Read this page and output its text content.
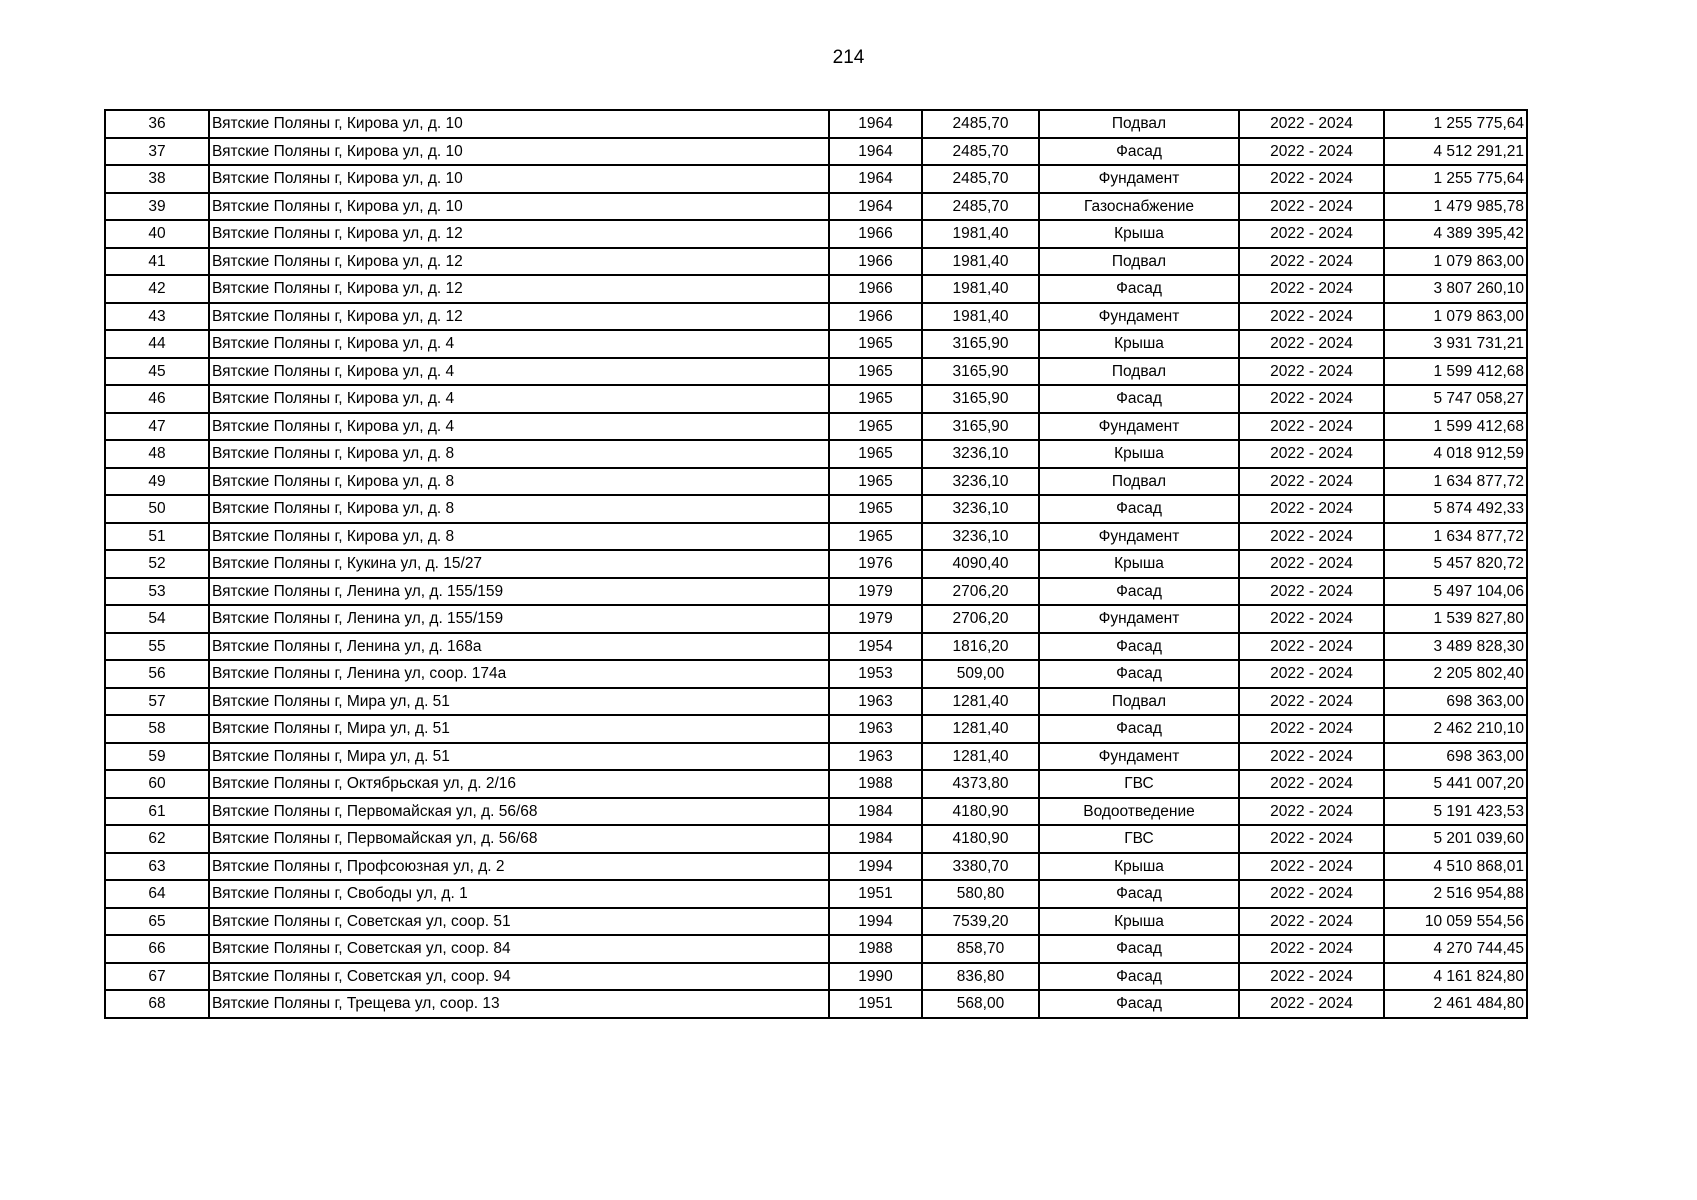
214
36	Вятские Поляны г, Кирова ул, д. 10	1964	2485,70	Подвал	2022 - 2024	1 255 775,64
37	Вятские Поляны г, Кирова ул, д. 10	1964	2485,70	Фасад	2022 - 2024	4 512 291,21
38	Вятские Поляны г, Кирова ул, д. 10	1964	2485,70	Фундамент	2022 - 2024	1 255 775,64
39	Вятские Поляны г, Кирова ул, д. 10	1964	2485,70	Газоснабжение	2022 - 2024	1 479 985,78
40	Вятские Поляны г, Кирова ул, д. 12	1966	1981,40	Крыша	2022 - 2024	4 389 395,42
41	Вятские Поляны г, Кирова ул, д. 12	1966	1981,40	Подвал	2022 - 2024	1 079 863,00
42	Вятские Поляны г, Кирова ул, д. 12	1966	1981,40	Фасад	2022 - 2024	3 807 260,10
43	Вятские Поляны г, Кирова ул, д. 12	1966	1981,40	Фундамент	2022 - 2024	1 079 863,00
44	Вятские Поляны г, Кирова ул, д. 4	1965	3165,90	Крыша	2022 - 2024	3 931 731,21
45	Вятские Поляны г, Кирова ул, д. 4	1965	3165,90	Подвал	2022 - 2024	1 599 412,68
46	Вятские Поляны г, Кирова ул, д. 4	1965	3165,90	Фасад	2022 - 2024	5 747 058,27
47	Вятские Поляны г, Кирова ул, д. 4	1965	3165,90	Фундамент	2022 - 2024	1 599 412,68
48	Вятские Поляны г, Кирова ул, д. 8	1965	3236,10	Крыша	2022 - 2024	4 018 912,59
49	Вятские Поляны г, Кирова ул, д. 8	1965	3236,10	Подвал	2022 - 2024	1 634 877,72
50	Вятские Поляны г, Кирова ул, д. 8	1965	3236,10	Фасад	2022 - 2024	5 874 492,33
51	Вятские Поляны г, Кирова ул, д. 8	1965	3236,10	Фундамент	2022 - 2024	1 634 877,72
52	Вятские Поляны г, Кукина ул, д. 15/27	1976	4090,40	Крыша	2022 - 2024	5 457 820,72
53	Вятские Поляны г, Ленина ул, д. 155/159	1979	2706,20	Фасад	2022 - 2024	5 497 104,06
54	Вятские Поляны г, Ленина ул, д. 155/159	1979	2706,20	Фундамент	2022 - 2024	1 539 827,80
55	Вятские Поляны г, Ленина ул, д. 168а	1954	1816,20	Фасад	2022 - 2024	3 489 828,30
56	Вятские Поляны г, Ленина ул, соор. 174а	1953	509,00	Фасад	2022 - 2024	2 205 802,40
57	Вятские Поляны г, Мира ул, д. 51	1963	1281,40	Подвал	2022 - 2024	698 363,00
58	Вятские Поляны г, Мира ул, д. 51	1963	1281,40	Фасад	2022 - 2024	2 462 210,10
59	Вятские Поляны г, Мира ул, д. 51	1963	1281,40	Фундамент	2022 - 2024	698 363,00
60	Вятские Поляны г, Октябрьская ул, д. 2/16	1988	4373,80	ГВС	2022 - 2024	5 441 007,20
61	Вятские Поляны г, Первомайская ул, д. 56/68	1984	4180,90	Водоотведение	2022 - 2024	5 191 423,53
62	Вятские Поляны г, Первомайская ул, д. 56/68	1984	4180,90	ГВС	2022 - 2024	5 201 039,60
63	Вятские Поляны г, Профсоюзная ул, д. 2	1994	3380,70	Крыша	2022 - 2024	4 510 868,01
64	Вятские Поляны г, Свободы ул, д. 1	1951	580,80	Фасад	2022 - 2024	2 516 954,88
65	Вятские Поляны г, Советская ул, соор. 51	1994	7539,20	Крыша	2022 - 2024	10 059 554,56
66	Вятские Поляны г, Советская ул, соор. 84	1988	858,70	Фасад	2022 - 2024	4 270 744,45
67	Вятские Поляны г, Советская ул, соор. 94	1990	836,80	Фасад	2022 - 2024	4 161 824,80
68	Вятские Поляны г, Трещева ул, соор. 13	1951	568,00	Фасад	2022 - 2024	2 461 484,80
